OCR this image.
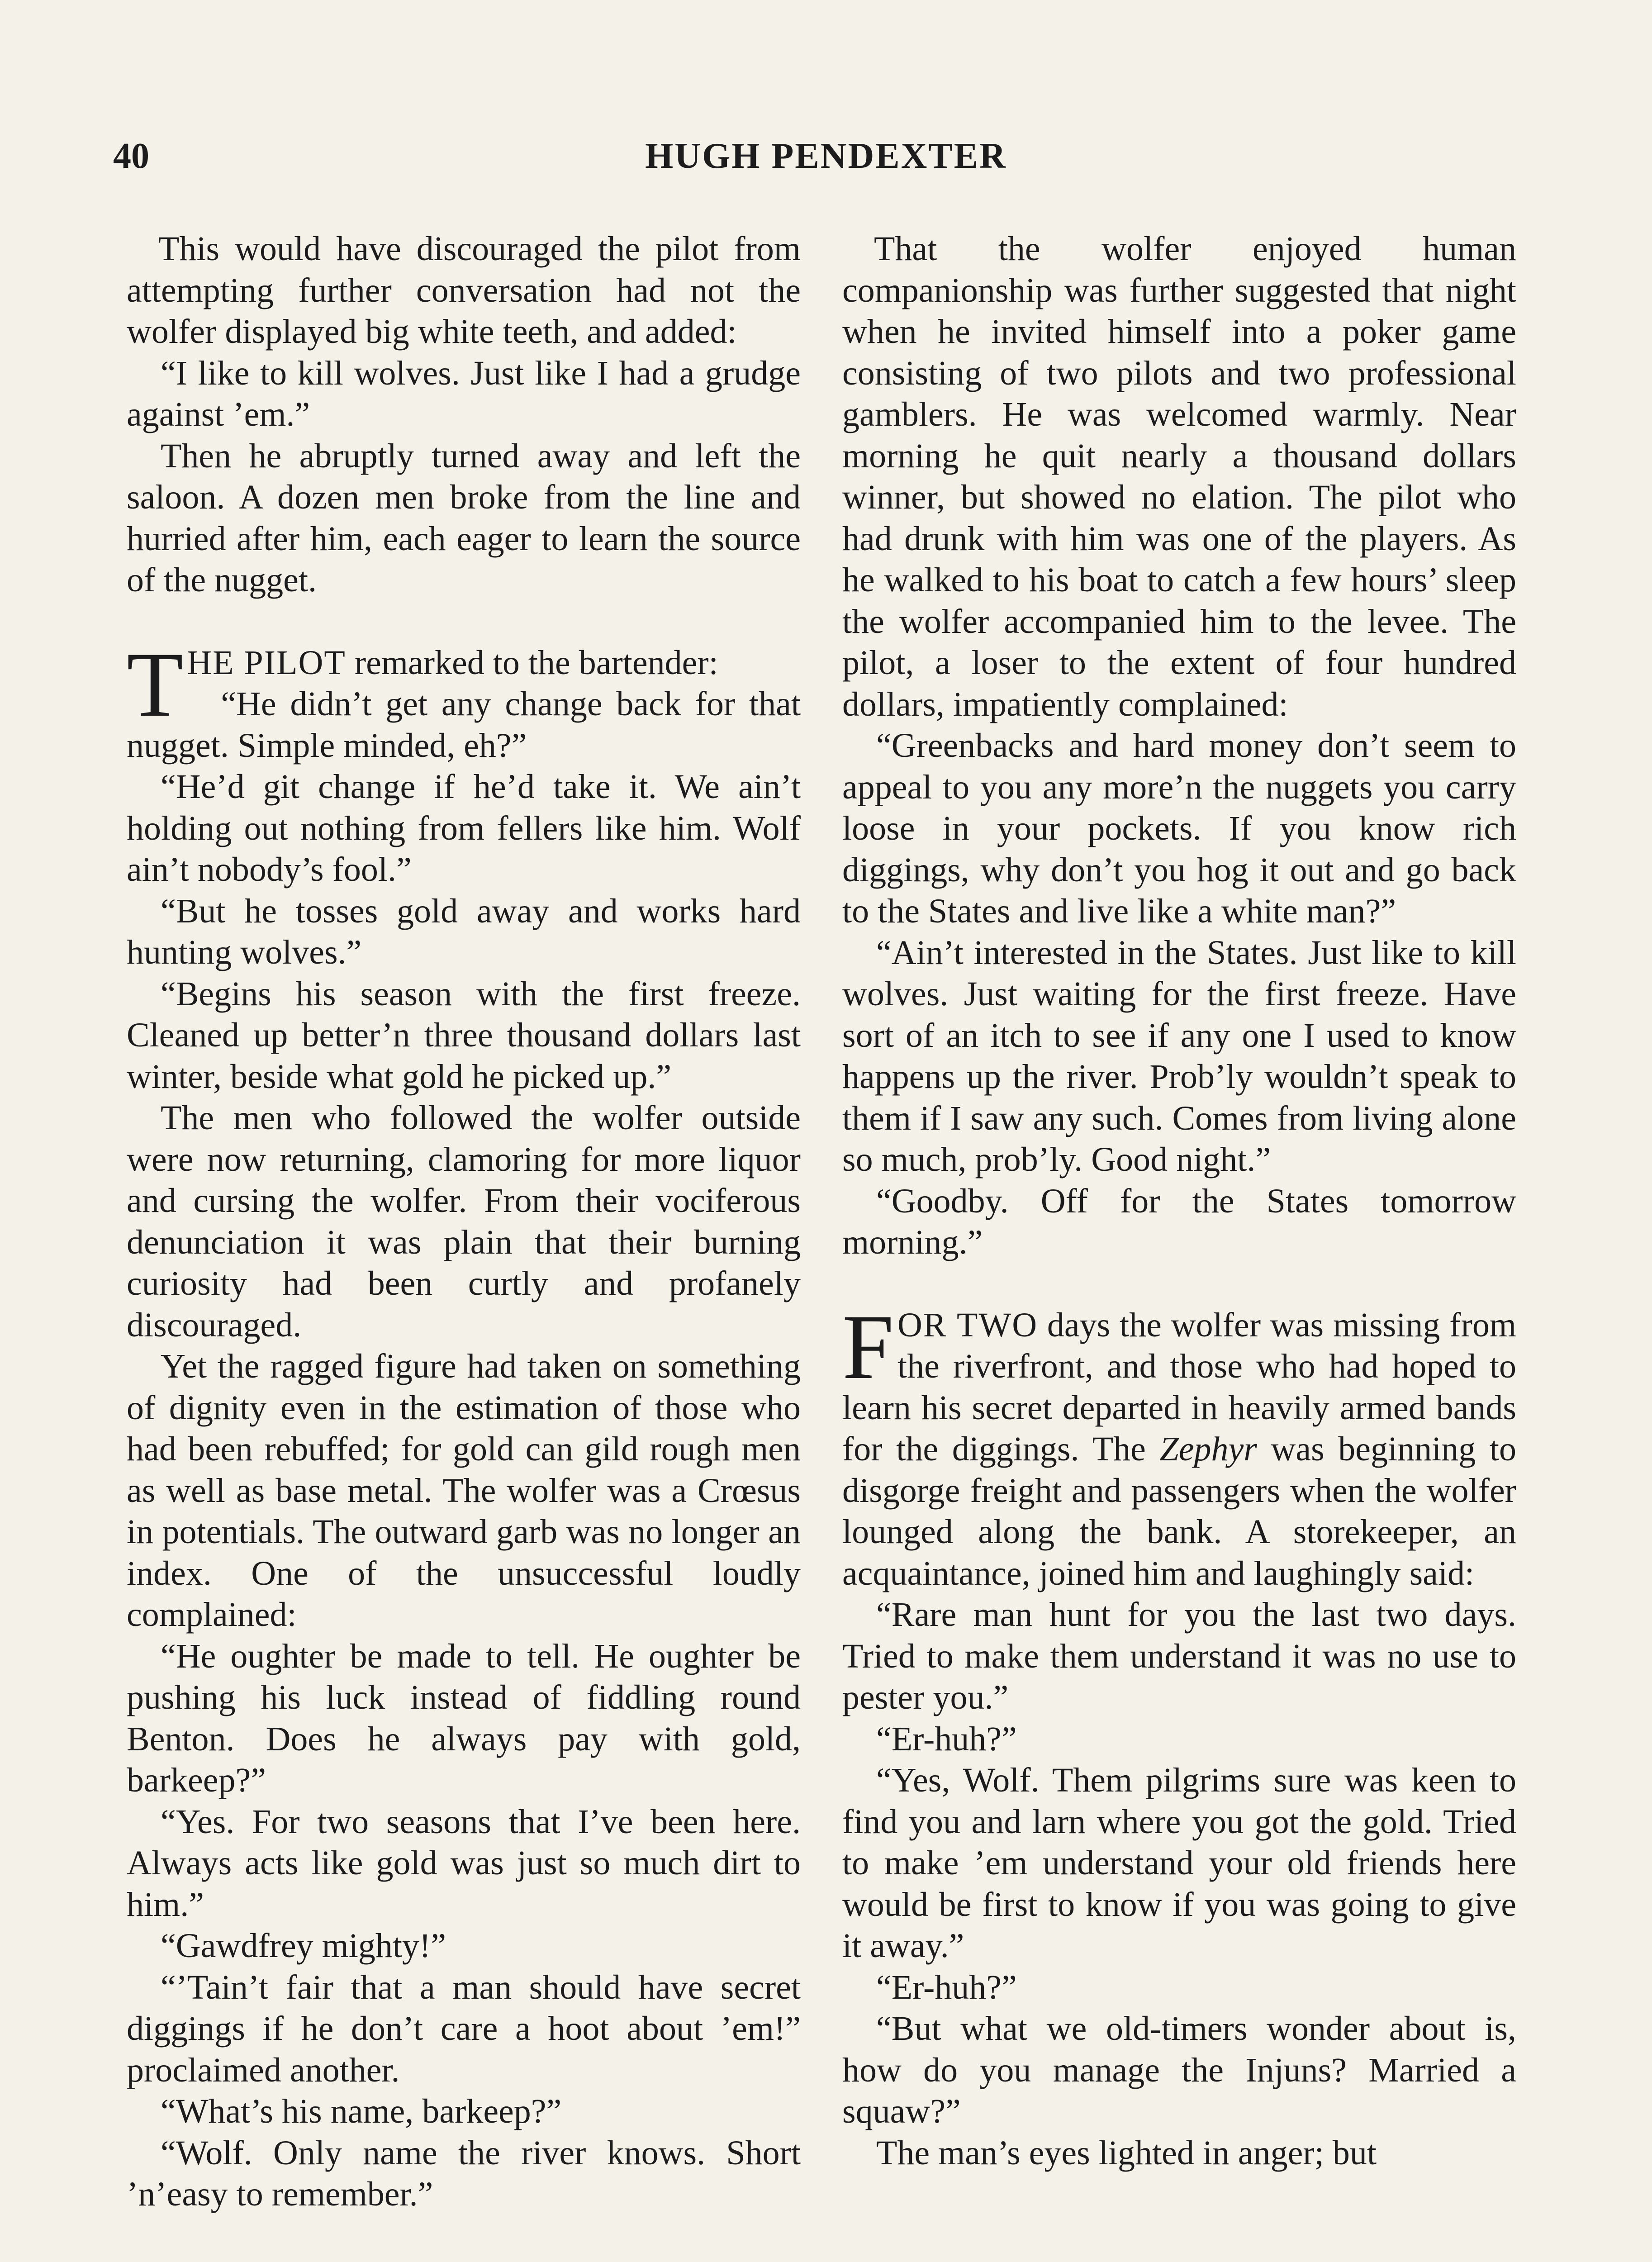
40	HUGH PENDEXTER

This would have discouraged the pilot from attempting further conversation had not the wolfer displayed big white teeth, and added:

“I like to kill wolves. Just like I had a grudge against ’em.”

Then he abruptly turned away and left the saloon. A dozen men broke from the line and hurried after him, each eager to learn the source of the nugget.

THE PILOT remarked to the bartender:

“He didn’t get any change back for that nugget. Simple minded, eh?”

“He’d git change if he’d take it. We ain’t holding out nothing from fellers like him. Wolf ain’t nobody’s fool.”

“But he tosses gold away and works hard hunting wolves.”

“Begins his season with the first freeze. Cleaned up better’n three thousand dollars last winter, beside what gold he picked up.”

The men who followed the wolfer outside were now returning, clamoring for more liquor and cursing the wolfer. From their vociferous denunciation it was plain that their burning curiosity had been curtly and profanely discouraged.

Yet the ragged figure had taken on something of dignity even in the estimation of those who had been rebuffed; for gold can gild rough men as well as base metal. The wolfer was a Crœsus in potentials. The outward garb was no longer an index. One of the unsuccessful loudly complained:

“He oughter be made to tell. He oughter be pushing his luck instead of fiddling round Benton. Does he always pay with gold, barkeep?”

“Yes. For two seasons that I’ve been here. Always acts like gold was just so much dirt to him.”

“Gawdfrey mighty!”

“’Tain’t fair that a man should have secret diggings if he don’t care a hoot about ’em!” proclaimed another.

“What’s his name, barkeep?”

“Wolf. Only name the river knows. Short ’n’easy to remember.”

That the wolfer enjoyed human companionship was further suggested that night when he invited himself into a poker game consisting of two pilots and two professional gamblers. He was welcomed warmly. Near morning he quit nearly a thousand dollars winner, but showed no elation. The pilot who had drunk with him was one of the players. As he walked to his boat to catch a few hours’ sleep the wolfer accompanied him to the levee. The pilot, a loser to the extent of four hundred dollars, impatiently complained:

“Greenbacks and hard money don’t seem to appeal to you any more’n the nuggets you carry loose in your pockets. If you know rich diggings, why don’t you hog it out and go back to the States and live like a white man?”

“Ain’t interested in the States. Just like to kill wolves. Just waiting for the first freeze. Have sort of an itch to see if any one I used to know happens up the river. Prob’ly wouldn’t speak to them if I saw any such. Comes from living alone so much, prob’ly. Good night.”

“Goodby. Off for the States tomorrow morning.”

FOR TWO days the wolfer was missing from the riverfront, and those who had hoped to learn his secret departed in heavily armed bands for the diggings. The Zephyr was beginning to disgorge freight and passengers when the wolfer lounged along the bank. A storekeeper, an acquaintance, joined him and laughingly said:

“Rare man hunt for you the last two days. Tried to make them understand it was no use to pester you.”

“Er-huh?”

“Yes, Wolf. Them pilgrims sure was keen to find you and larn where you got the gold. Tried to make ’em understand your old friends here would be first to know if you was going to give it away.”

“Er-huh?”

“But what we old-timers wonder about is, how do you manage the Injuns? Married a squaw?”

The man’s eyes lighted in anger; but
